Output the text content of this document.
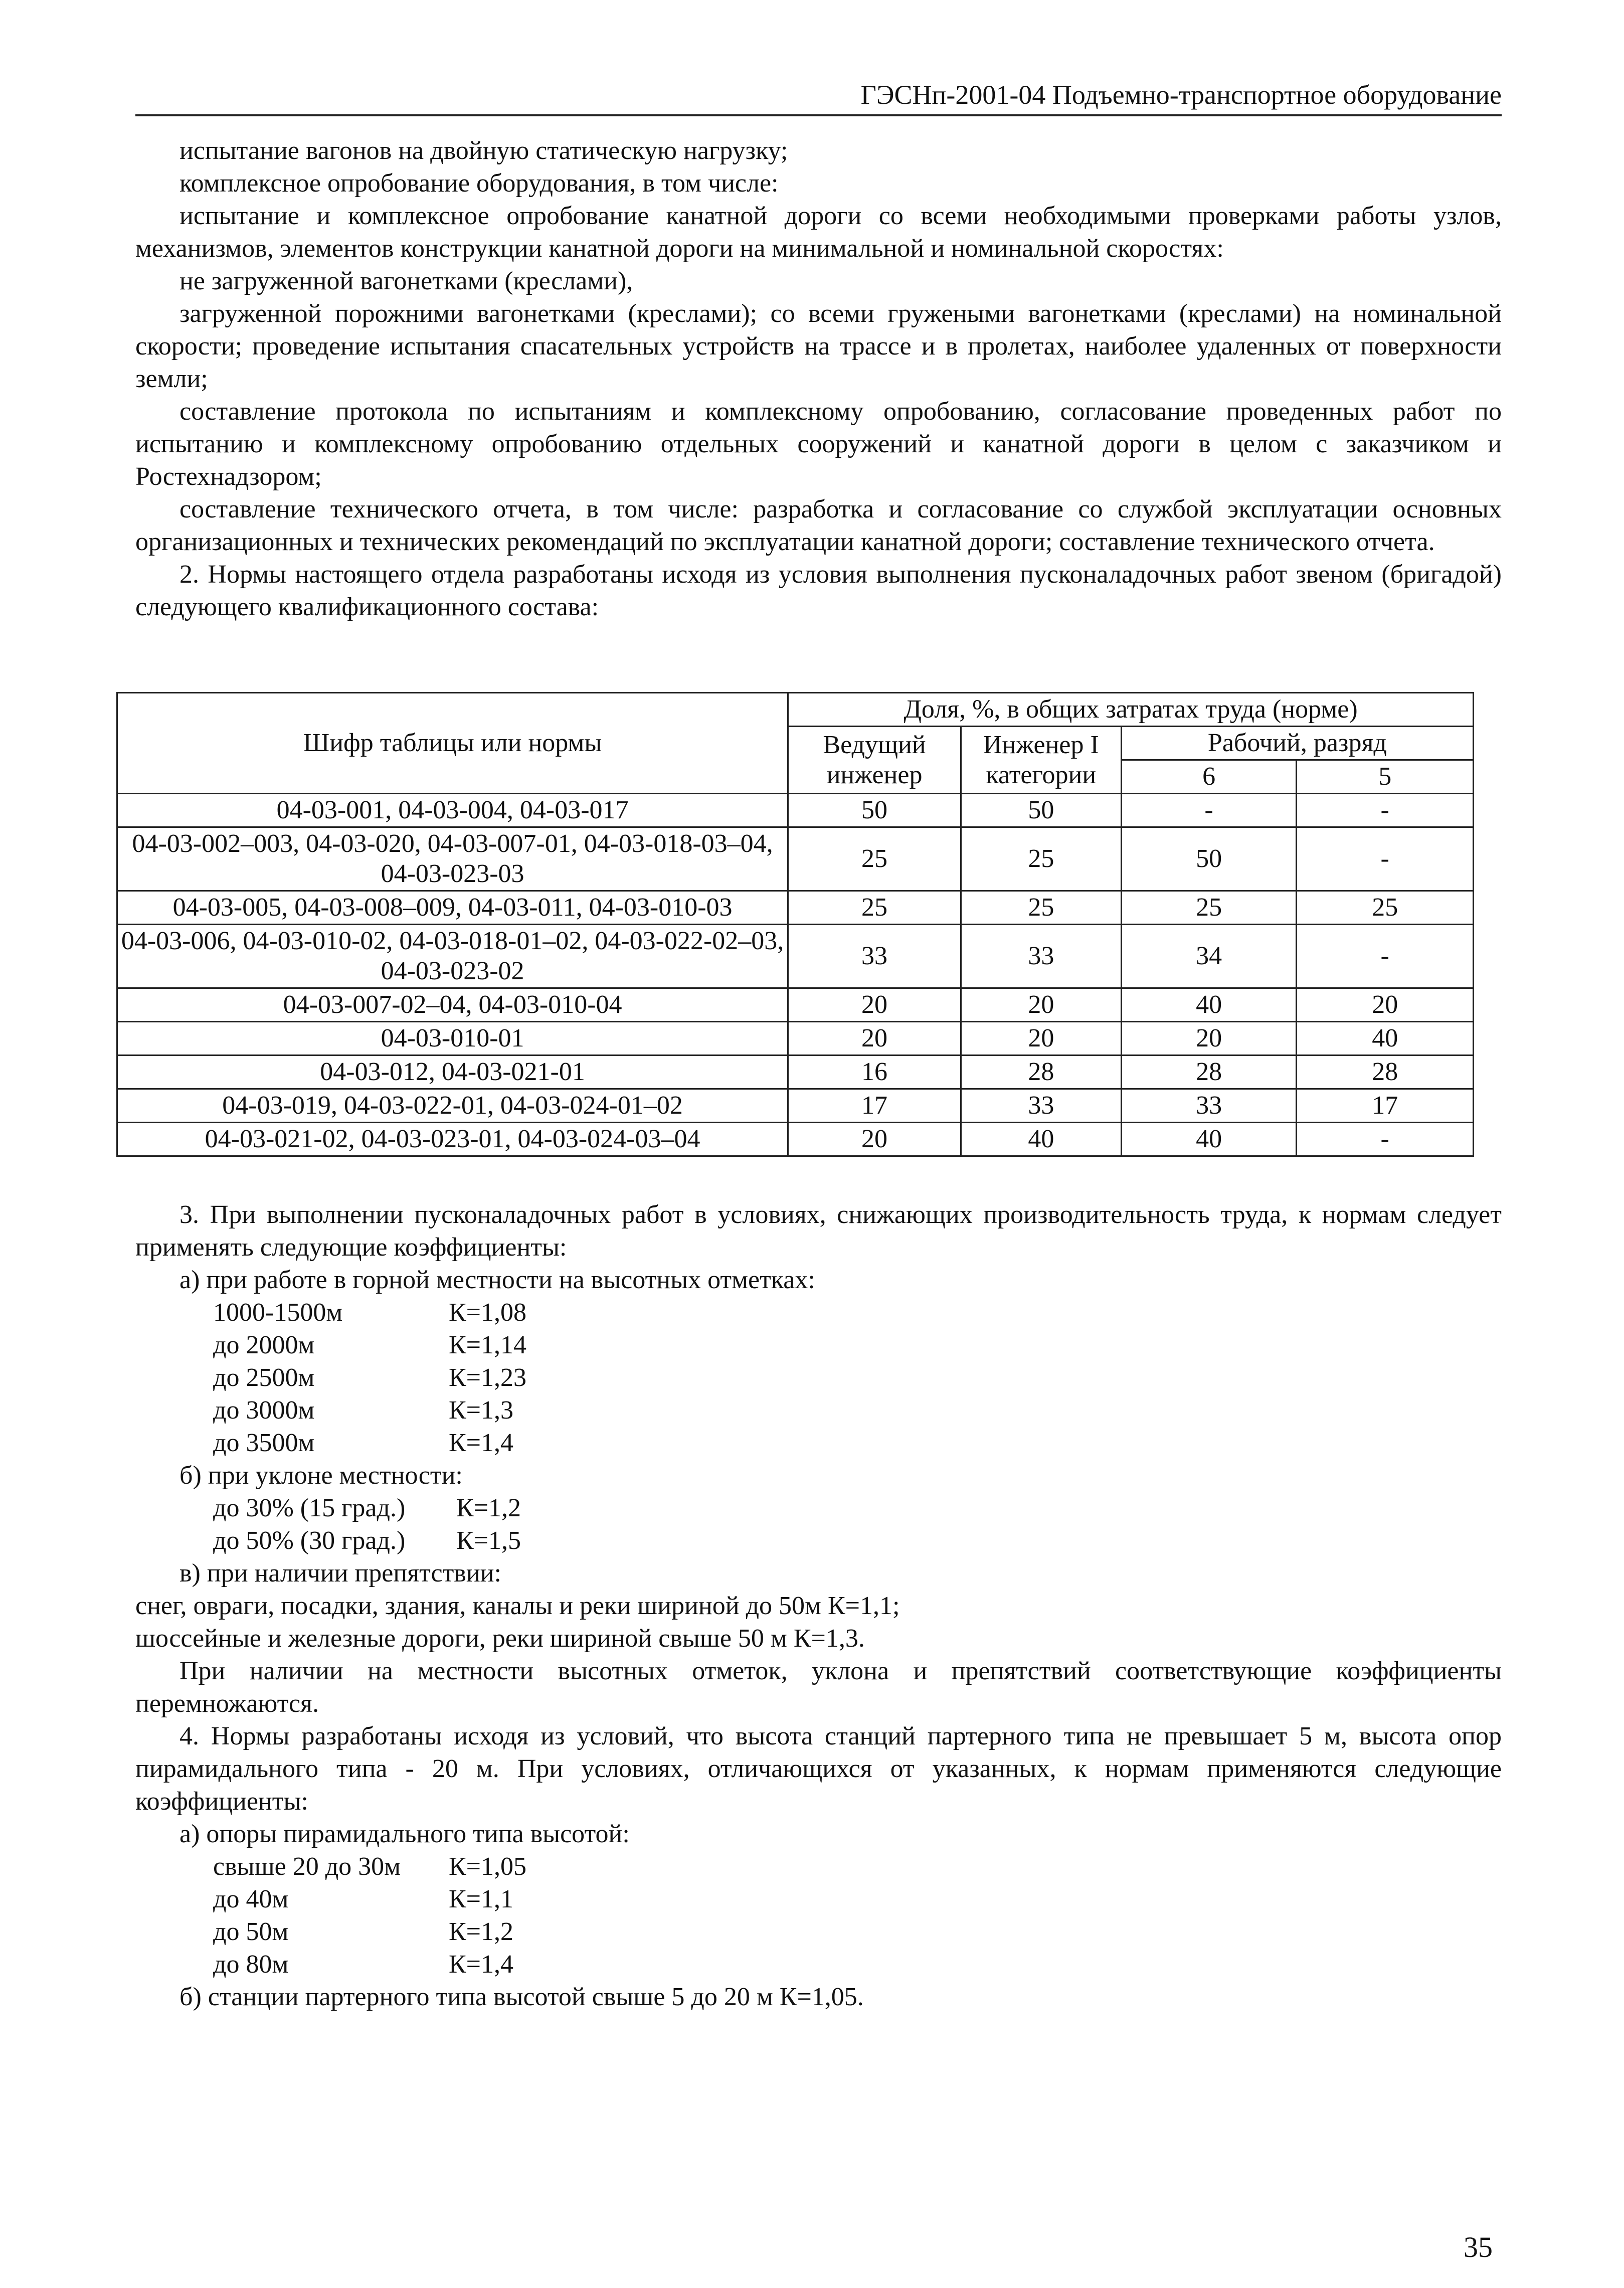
ГЭСНп-2001-04 Подъемно-транспортное оборудование

испытание вагонов на двойную статическую нагрузку;

комплексное опробование оборудования, в том числе:

испытание и комплексное опробование канатной дороги со всеми необходимыми проверками работы узлов, механизмов, элементов конструкции канатной дороги на минимальной и номинальной скоростях:

не загруженной вагонетками (креслами),

загруженной порожними вагонетками (креслами); со всеми гружеными вагонетками (креслами) на номинальной скорости; проведение испытания спасательных устройств на трассе и в пролетах, наиболее удаленных от поверхности земли;

составление протокола по испытаниям и комплексному опробованию, согласование проведенных работ по испытанию и комплексному опробованию отдельных сооружений и канатной дороги в целом с заказчиком и Ростехнадзором;

составление технического отчета, в том числе: разработка и согласование со службой эксплуатации основных организационных и технических рекомендаций по эксплуатации канатной дороги; составление технического отчета.

2. Нормы настоящего отдела разработаны исходя из условия выполнения пусконаладочных работ звеном (бригадой) следующего квалификационного состава:

Шифр таблицы или нормы	Доля, %, в общих затратах труда (норме)			
	Ведущий инженер	Инженер I категории	Рабочий, разряд	
			6	5
04-03-001, 04-03-004, 04-03-017	50	50	-	-
04-03-002–003, 04-03-020, 04-03-007-01, 04-03-018-03–04, 04-03-023-03	25	25	50	-
04-03-005, 04-03-008–009, 04-03-011, 04-03-010-03	25	25	25	25
04-03-006, 04-03-010-02, 04-03-018-01–02, 04-03-022-02–03, 04-03-023-02	33	33	34	-
04-03-007-02–04, 04-03-010-04	20	20	40	20
04-03-010-01	20	20	20	40
04-03-012, 04-03-021-01	16	28	28	28
04-03-019, 04-03-022-01, 04-03-024-01–02	17	33	33	17
04-03-021-02, 04-03-023-01, 04-03-024-03–04	20	40	40	-

3. При выполнении пусконаладочных работ в условиях, снижающих производительность труда, к нормам следует применять следующие коэффициенты:

а) при работе в горной местности на высотных отметках:

1000-1500м	К=1,08

до 2000м	К=1,14

до 2500м	К=1,23

до 3000м	К=1,3

до 3500м	К=1,4

б) при уклоне местности:

до 30% (15 град.)	К=1,2

до 50% (30 град.)	К=1,5

в) при наличии препятствии:

снег, овраги, посадки, здания, каналы и реки шириной до 50м К=1,1;

шоссейные и железные дороги, реки шириной свыше 50 м К=1,3.

При наличии на местности высотных отметок, уклона и препятствий соответствующие коэффициенты перемножаются.

4. Нормы разработаны исходя из условий, что высота станций партерного типа не превышает 5 м, высота опор пирамидального типа - 20 м. При условиях, отличающихся от указанных, к нормам применяются следующие коэффициенты:

а) опоры пирамидального типа высотой:

свыше 20 до 30м	К=1,05

до 40м	К=1,1

до 50м	К=1,2

до 80м	К=1,4

б) станции партерного типа высотой свыше 5 до 20 м К=1,05.

35
